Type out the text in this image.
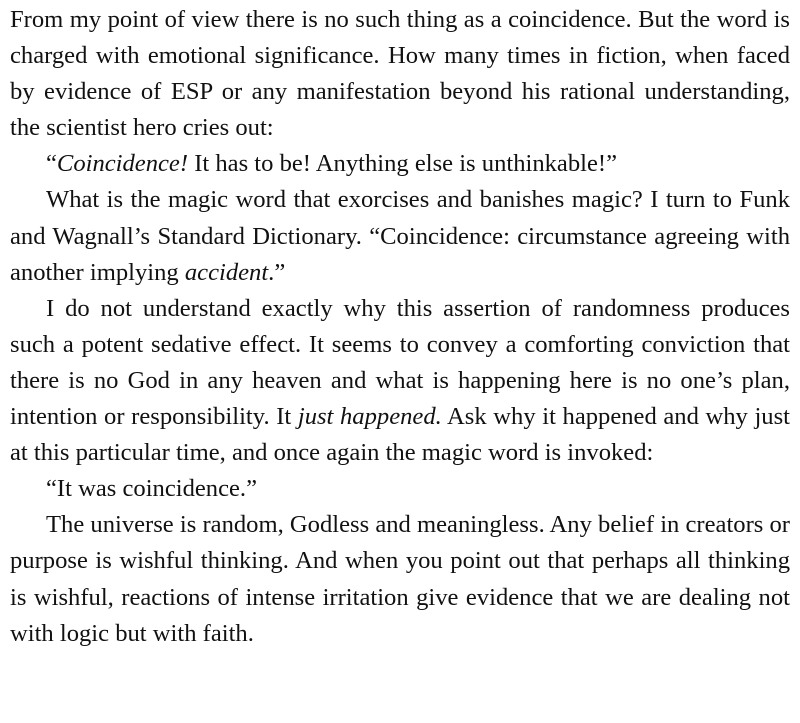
From my point of view there is no such thing as a coincidence. But the word is charged with emotional significance. How many times in fiction, when faced by evidence of ESP or any manifestation beyond his rational understanding, the scientist hero cries out:

“Coincidence! It has to be! Anything else is unthinkable!”

What is the magic word that exorcises and banishes magic? I turn to Funk and Wagnall’s Standard Dictionary. “Coincidence: circumstance agreeing with another implying accident.”

I do not understand exactly why this assertion of randomness produces such a potent sedative effect. It seems to convey a comforting conviction that there is no God in any heaven and what is happening here is no one’s plan, intention or responsibility. It just happened. Ask why it happened and why just at this particular time, and once again the magic word is invoked:

“It was coincidence.”

The universe is random, Godless and meaningless. Any belief in creators or purpose is wishful thinking. And when you point out that perhaps all thinking is wishful, reactions of intense irritation give evidence that we are dealing not with logic but with faith.
